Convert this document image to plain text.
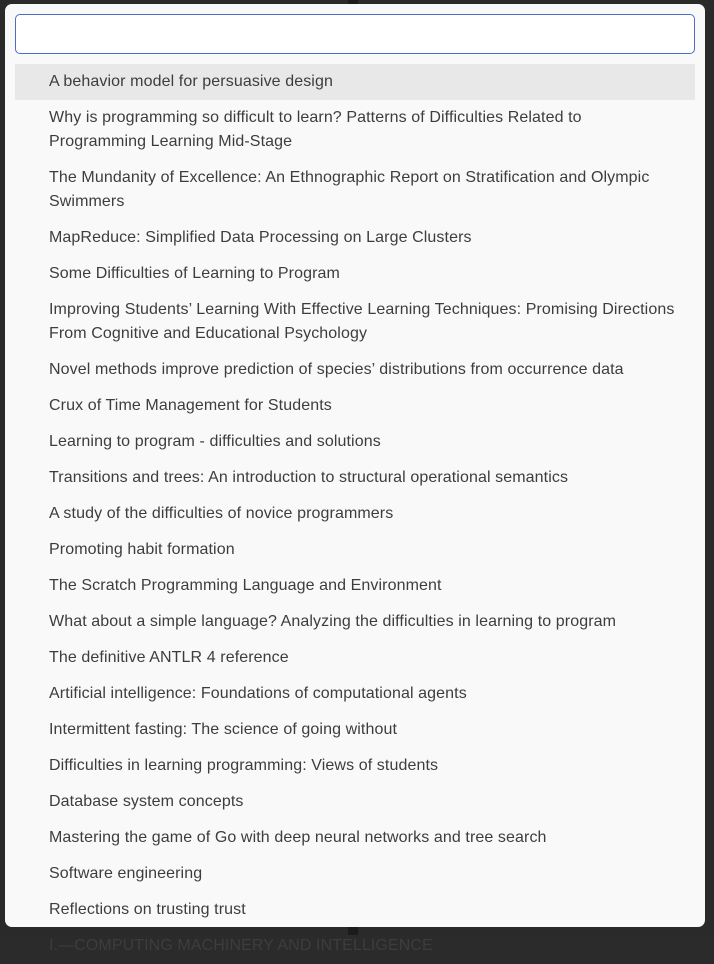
A behavior model for persuasive design
Why is programming so difficult to learn? Patterns of Difficulties Related to Programming Learning Mid-Stage
The Mundanity of Excellence: An Ethnographic Report on Stratification and Olympic Swimmers
MapReduce: Simplified Data Processing on Large Clusters
Some Difficulties of Learning to Program
Improving Students’ Learning With Effective Learning Techniques: Promising Directions From Cognitive and Educational Psychology
Novel methods improve prediction of species’ distributions from occurrence data
Crux of Time Management for Students
Learning to program - difficulties and solutions
Transitions and trees: An introduction to structural operational semantics
A study of the difficulties of novice programmers
Promoting habit formation
The Scratch Programming Language and Environment
What about a simple language? Analyzing the difficulties in learning to program
The definitive ANTLR 4 reference
Artificial intelligence: Foundations of computational agents
Intermittent fasting: The science of going without
Difficulties in learning programming: Views of students
Database system concepts
Mastering the game of Go with deep neural networks and tree search
Software engineering
Reflections on trusting trust
I.—COMPUTING MACHINERY AND INTELLIGENCE
